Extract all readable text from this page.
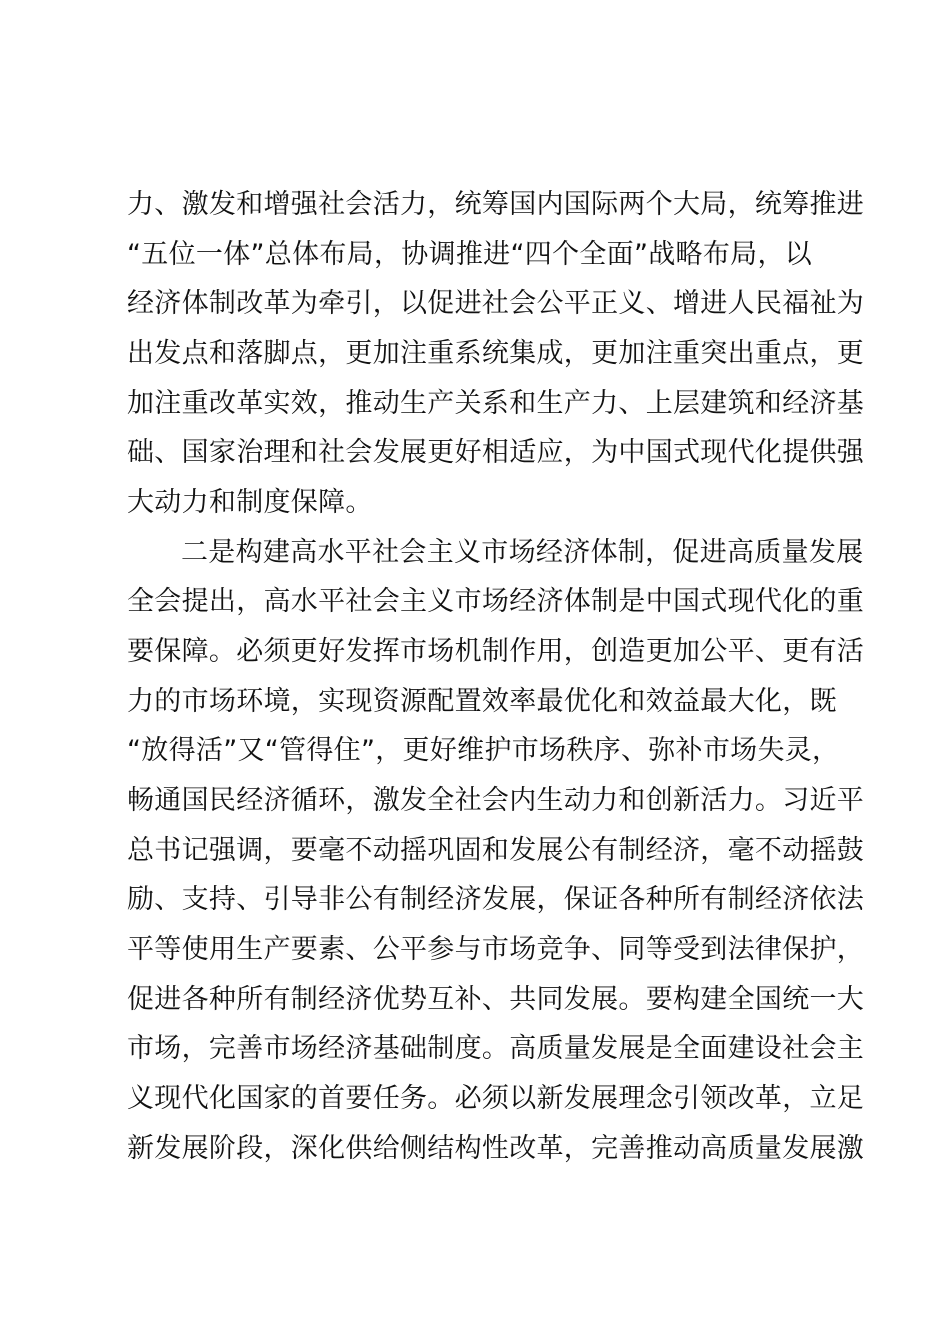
力、激发和增强社会活力，统筹国内国际两个大局，统筹推进
“五位一体”总体布局，协调推进“四个全面”战略布局，以
经济体制改革为牵引，以促进社会公平正义、增进人民福祉为
出发点和落脚点，更加注重系统集成，更加注重突出重点，更
加注重改革实效，推动生产关系和生产力、上层建筑和经济基
础、国家治理和社会发展更好相适应，为中国式现代化提供强
大动力和制度保障。
二是构建高水平社会主义市场经济体制，促进高质量发展
全会提出，高水平社会主义市场经济体制是中国式现代化的重
要保障。必须更好发挥市场机制作用，创造更加公平、更有活
力的市场环境，实现资源配置效率最优化和效益最大化，既
“放得活”又“管得住”，更好维护市场秩序、弥补市场失灵，
畅通国民经济循环，激发全社会内生动力和创新活力。习近平
总书记强调，要毫不动摇巩固和发展公有制经济，毫不动摇鼓
励、支持、引导非公有制经济发展，保证各种所有制经济依法
平等使用生产要素、公平参与市场竞争、同等受到法律保护，
促进各种所有制经济优势互补、共同发展。要构建全国统一大
市场，完善市场经济基础制度。高质量发展是全面建设社会主
义现代化国家的首要任务。必须以新发展理念引领改革，立足
新发展阶段，深化供给侧结构性改革，完善推动高质量发展激
